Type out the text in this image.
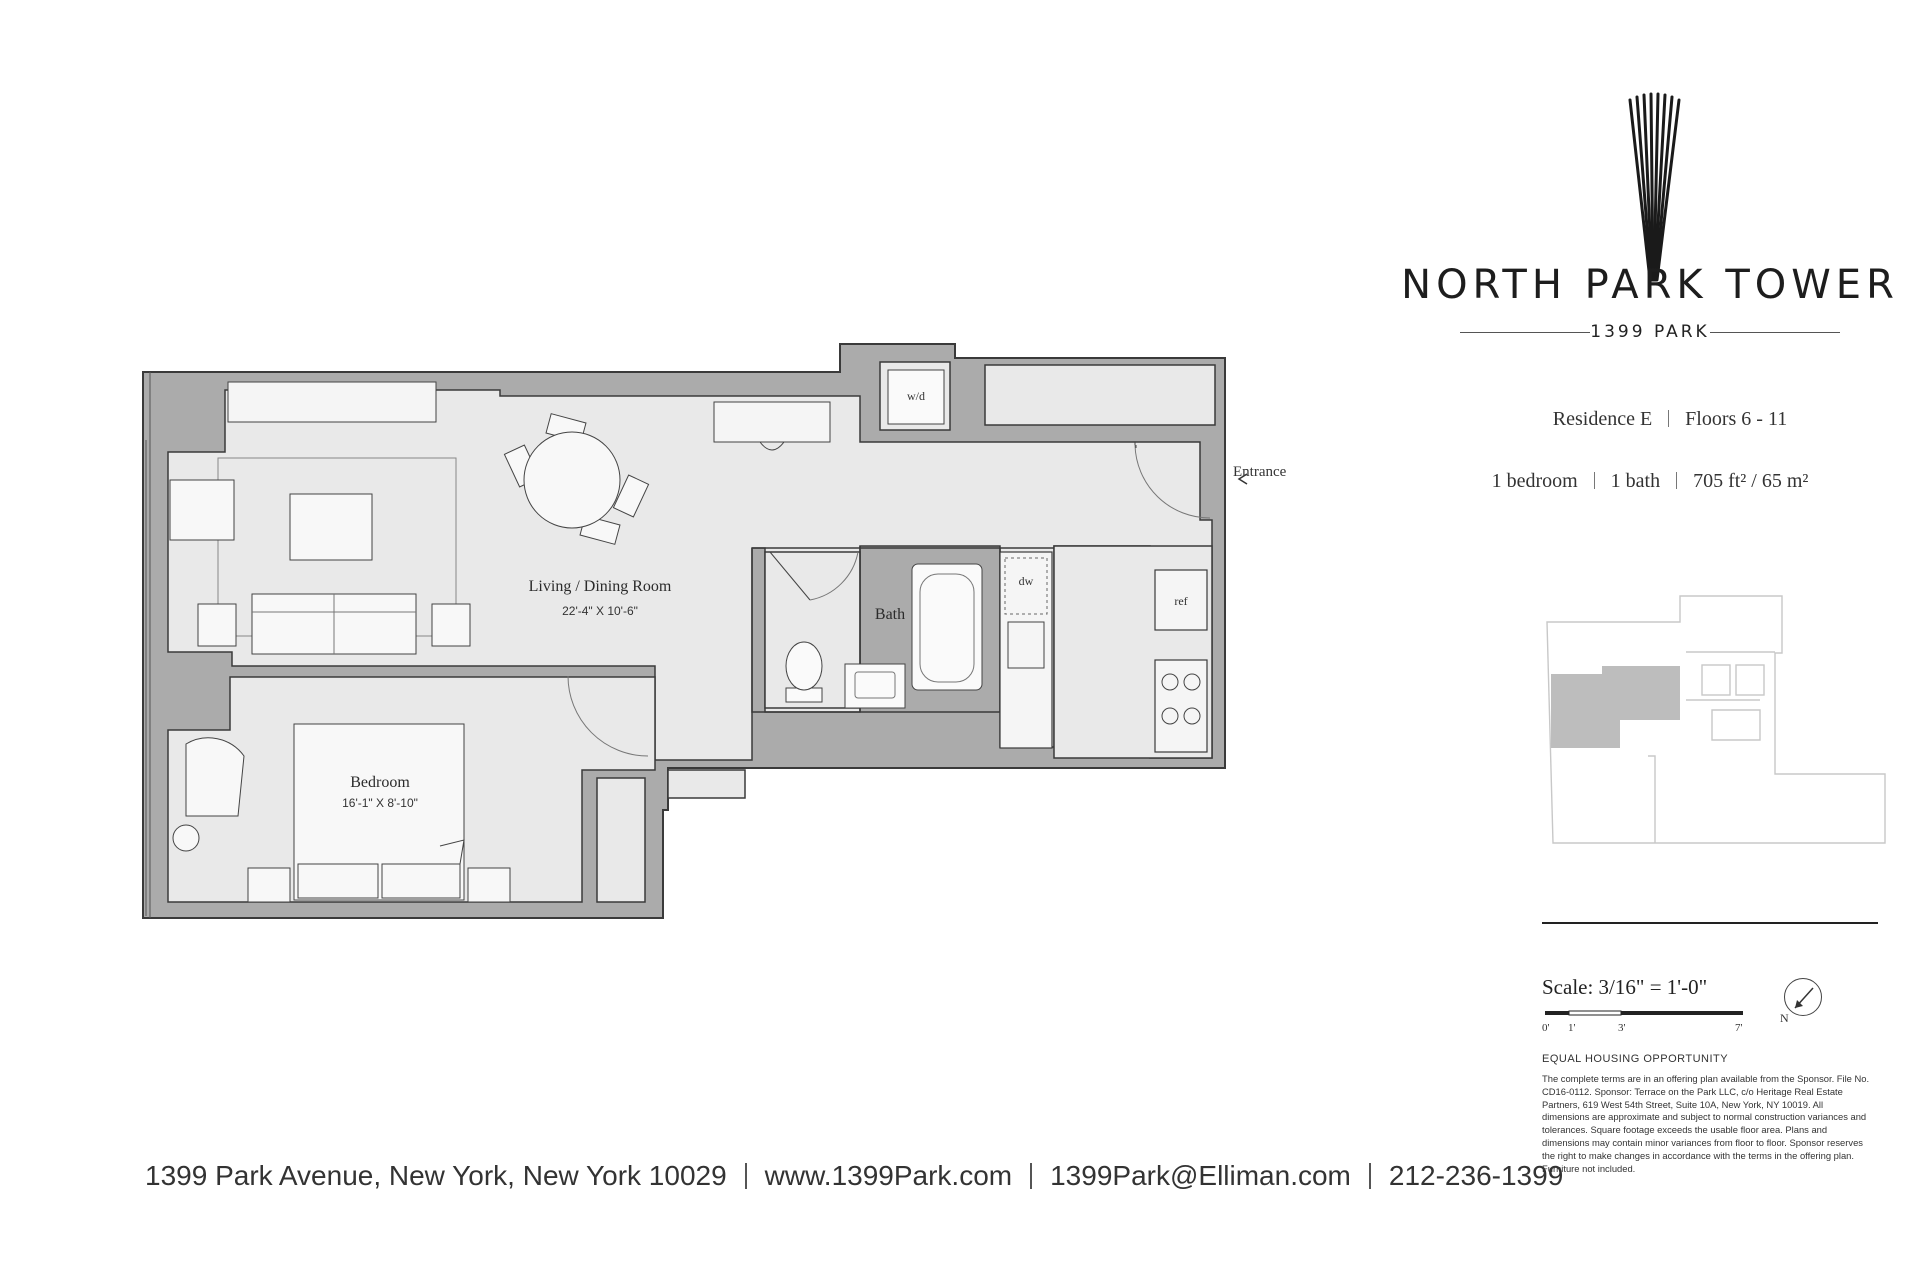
Living / Dining Room
22'-4" X 10'-6"
Bedroom
16'-1" X 8'-10"
Bath
w/d
dw
ref
Entrance
NORTH PARK TOWER
1399 PARK
Residence E Floors 6 - 11
1 bedroom 1 bath 705 ft² / 65 m²
Scale: 3/16" = 1'-0"
0' 1'	3'	7'
N
EQUAL HOUSING OPPORTUNITY
The complete terms are in an offering plan available from the Sponsor. File No. CD16-0112. Sponsor: Terrace on the Park LLC, c/o Heritage Real Estate Partners, 619 West 54th Street, Suite 10A, New York, NY 10019. All dimensions are approximate and subject to normal construction variances and tolerances. Square footage exceeds the usable floor area. Plans and dimensions may contain minor variances from floor to floor. Sponsor reserves the right to make changes in accordance with the terms in the offering plan. Furniture not included.
1399 Park Avenue, New York, New York 10029 www.1399Park.com 1399Park@Elliman.com 212-236-1399
